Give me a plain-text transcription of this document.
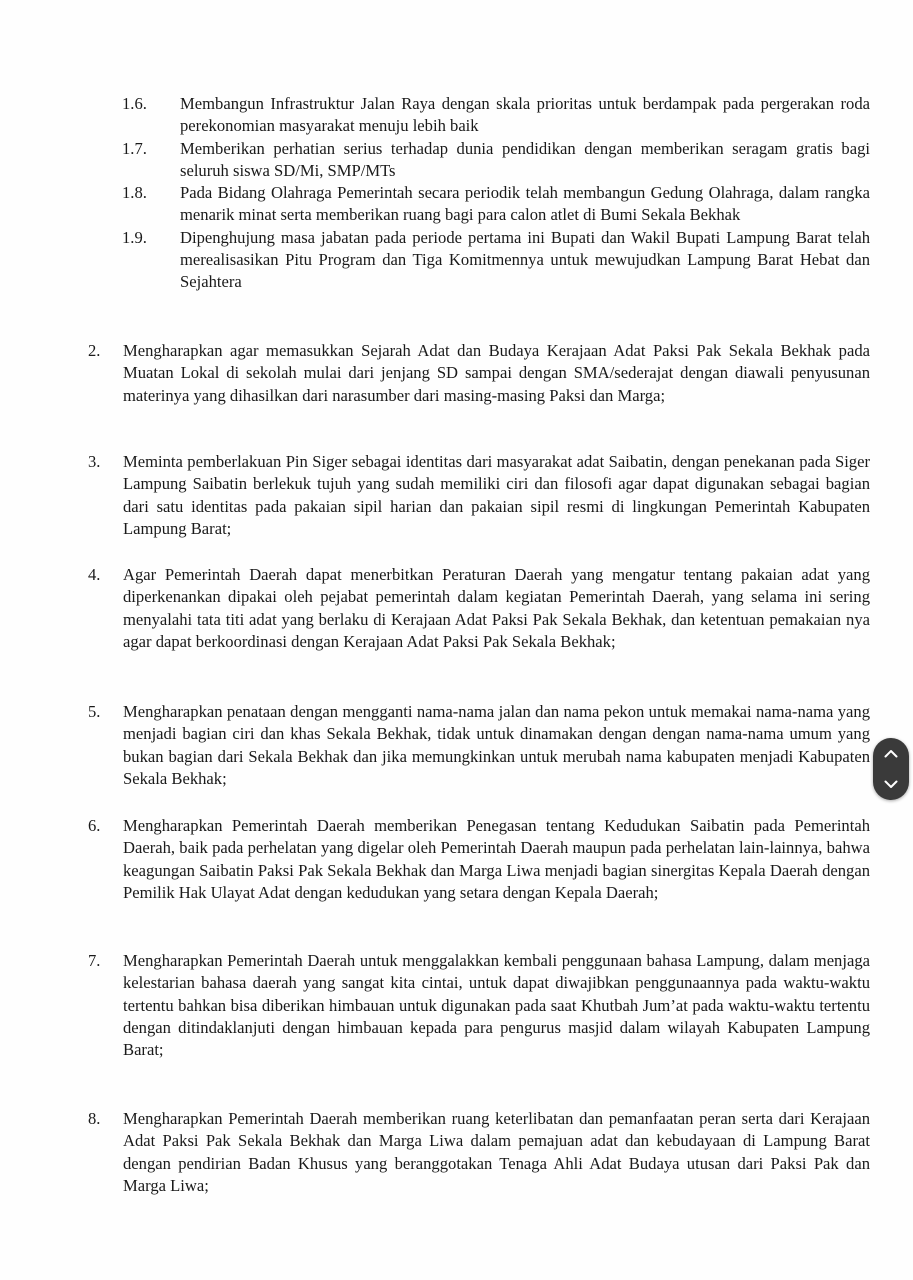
1.6. Membangun Infrastruktur Jalan Raya dengan skala prioritas untuk berdampak pada pergerakan roda perekonomian masyarakat menuju lebih baik
1.7. Memberikan perhatian serius terhadap dunia pendidikan dengan memberikan seragam gratis bagi seluruh siswa SD/Mi, SMP/MTs
1.8. Pada Bidang Olahraga Pemerintah secara periodik telah membangun Gedung Olahraga, dalam rangka menarik minat serta memberikan ruang bagi para calon atlet di Bumi Sekala Bekhak
1.9. Dipenghujung masa jabatan pada periode pertama ini Bupati dan Wakil Bupati Lampung Barat telah merealisasikan Pitu Program dan Tiga Komitmennya untuk mewujudkan Lampung Barat Hebat dan Sejahtera
2. Mengharapkan agar memasukkan Sejarah Adat dan Budaya Kerajaan Adat Paksi Pak Sekala Bekhak pada Muatan Lokal di sekolah mulai dari jenjang SD sampai dengan SMA/sederajat dengan diawali penyusunan materinya yang dihasilkan dari narasumber dari masing-masing Paksi dan Marga;
3. Meminta pemberlakuan Pin Siger sebagai identitas dari masyarakat adat Saibatin, dengan penekanan pada Siger Lampung Saibatin berlekuk tujuh yang sudah memiliki ciri dan filosofi agar dapat digunakan sebagai bagian dari satu identitas pada pakaian sipil harian dan pakaian sipil resmi di lingkungan Pemerintah Kabupaten Lampung Barat;
4. Agar Pemerintah Daerah dapat menerbitkan Peraturan Daerah yang mengatur tentang pakaian adat yang diperkenankan dipakai oleh pejabat pemerintah dalam kegiatan Pemerintah Daerah, yang selama ini sering menyalahi tata titi adat yang berlaku di Kerajaan Adat Paksi Pak Sekala Bekhak, dan ketentuan pemakaian nya agar dapat berkoordinasi dengan Kerajaan Adat Paksi Pak Sekala Bekhak;
5. Mengharapkan penataan dengan mengganti nama-nama jalan dan nama pekon untuk memakai nama-nama yang menjadi bagian ciri dan khas Sekala Bekhak, tidak untuk dinamakan dengan dengan nama-nama umum yang bukan bagian dari Sekala Bekhak dan jika memungkinkan untuk merubah nama kabupaten menjadi Kabupaten Sekala Bekhak;
6. Mengharapkan Pemerintah Daerah memberikan Penegasan tentang Kedudukan Saibatin pada Pemerintah Daerah, baik pada perhelatan yang digelar oleh Pemerintah Daerah maupun pada perhelatan lain-lainnya, bahwa keagungan Saibatin Paksi Pak Sekala Bekhak dan Marga Liwa menjadi bagian sinergitas Kepala Daerah dengan Pemilik Hak Ulayat Adat dengan kedudukan yang setara dengan Kepala Daerah;
7. Mengharapkan Pemerintah Daerah untuk menggalakkan kembali penggunaan bahasa Lampung, dalam menjaga kelestarian bahasa daerah yang sangat kita cintai, untuk dapat diwajibkan penggunaannya pada waktu-waktu tertentu bahkan bisa diberikan himbauan untuk digunakan pada saat Khutbah Jum’at pada waktu-waktu tertentu dengan ditindaklanjuti dengan himbauan kepada para pengurus masjid dalam wilayah Kabupaten Lampung Barat;
8. Mengharapkan Pemerintah Daerah memberikan ruang keterlibatan dan pemanfaatan peran serta dari Kerajaan Adat Paksi Pak Sekala Bekhak dan Marga Liwa dalam pemajuan adat dan kebudayaan di Lampung Barat dengan pendirian Badan Khusus yang beranggotakan Tenaga Ahli Adat Budaya utusan dari Paksi Pak dan Marga Liwa;
